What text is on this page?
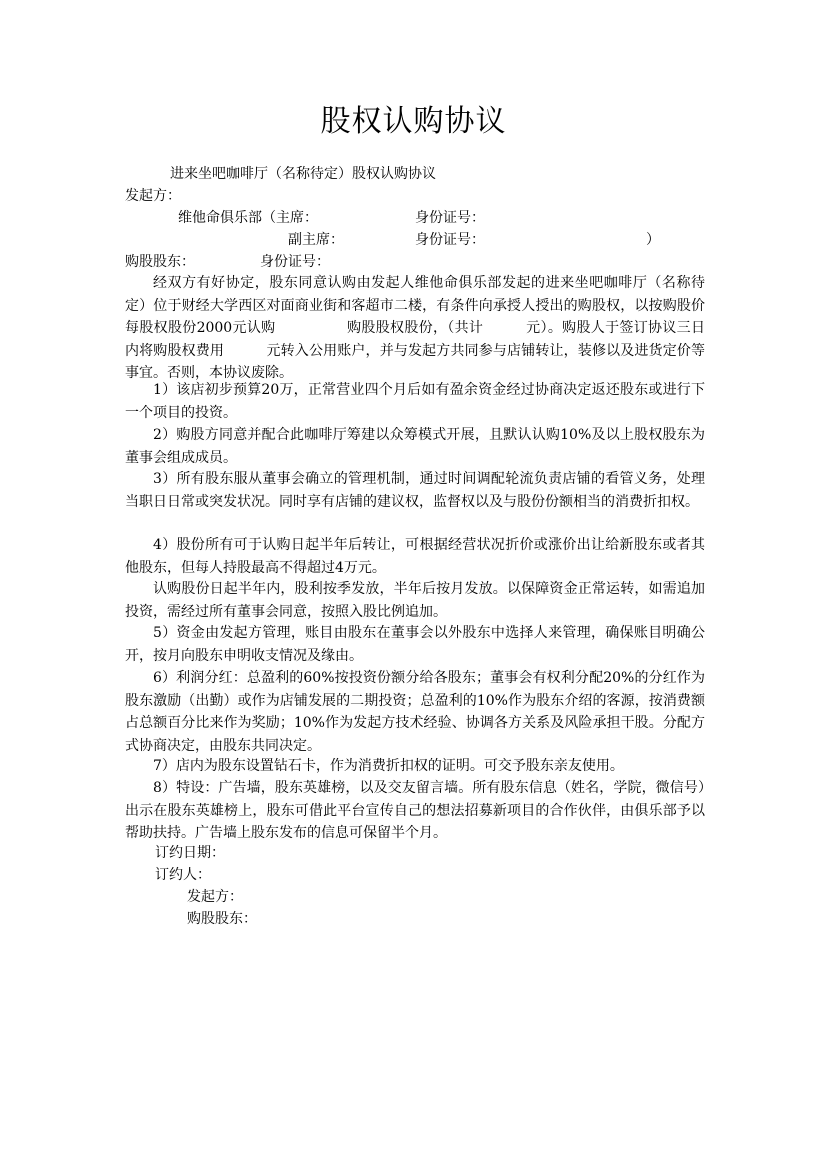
股权认购协议
进来坐吧咖啡厅（名称待定）股权认购协议
发起方：
维他命俱乐部（主席：	身份证号：
副主席：	身份证号：	）
购股股东：	身份证号：

经双方有好协定，股东同意认购由发起人维他命俱乐部发起的进来坐吧咖啡厅（名称待定）位于财经大学西区对面商业街和客超市二楼，有条件向承授人授出的购股权，以按购股价每股权股份2000元认购　　　　　购股股权股份，（共计　　　元）。购股人于签订协议三日内将购股权费用　　　元转入公用账户，并与发起方共同参与店铺转让，装修以及进货定价等事宜。否则，本协议废除。

1）该店初步预算20万，正常营业四个月后如有盈余资金经过协商决定返还股东或进行下一个项目的投资。

2）购股方同意并配合此咖啡厅筹建以众筹模式开展，且默认认购10%及以上股权股东为董事会组成成员。

3）所有股东服从董事会确立的管理机制，通过时间调配轮流负责店铺的看管义务，处理当职日日常或突发状况。同时享有店铺的建议权，监督权以及与股份份额相当的消费折扣权。

4）股份所有可于认购日起半年后转让，可根据经营状况折价或涨价出让给新股东或者其他股东，但每人持股最高不得超过4万元。

认购股份日起半年内，股利按季发放，半年后按月发放。以保障资金正常运转，如需追加投资，需经过所有董事会同意，按照入股比例追加。

5）资金由发起方管理，账目由股东在董事会以外股东中选择人来管理，确保账目明确公开，按月向股东申明收支情况及缘由。

6）利润分红：总盈利的60%按投资份额分给各股东；董事会有权利分配20%的分红作为股东激励（出勤）或作为店铺发展的二期投资；总盈利的10%作为股东介绍的客源，按消费额占总额百分比来作为奖励；10%作为发起方技术经验、协调各方关系及风险承担干股。分配方式协商决定，由股东共同决定。

7）店内为股东设置钻石卡，作为消费折扣权的证明。可交予股东亲友使用。

8）特设：广告墙，股东英雄榜，以及交友留言墙。所有股东信息（姓名，学院，微信号）出示在股东英雄榜上，股东可借此平台宣传自己的想法招募新项目的合作伙伴，由俱乐部予以帮助扶持。广告墙上股东发布的信息可保留半个月。

订约日期：
订约人：
发起方：
购股股东：
